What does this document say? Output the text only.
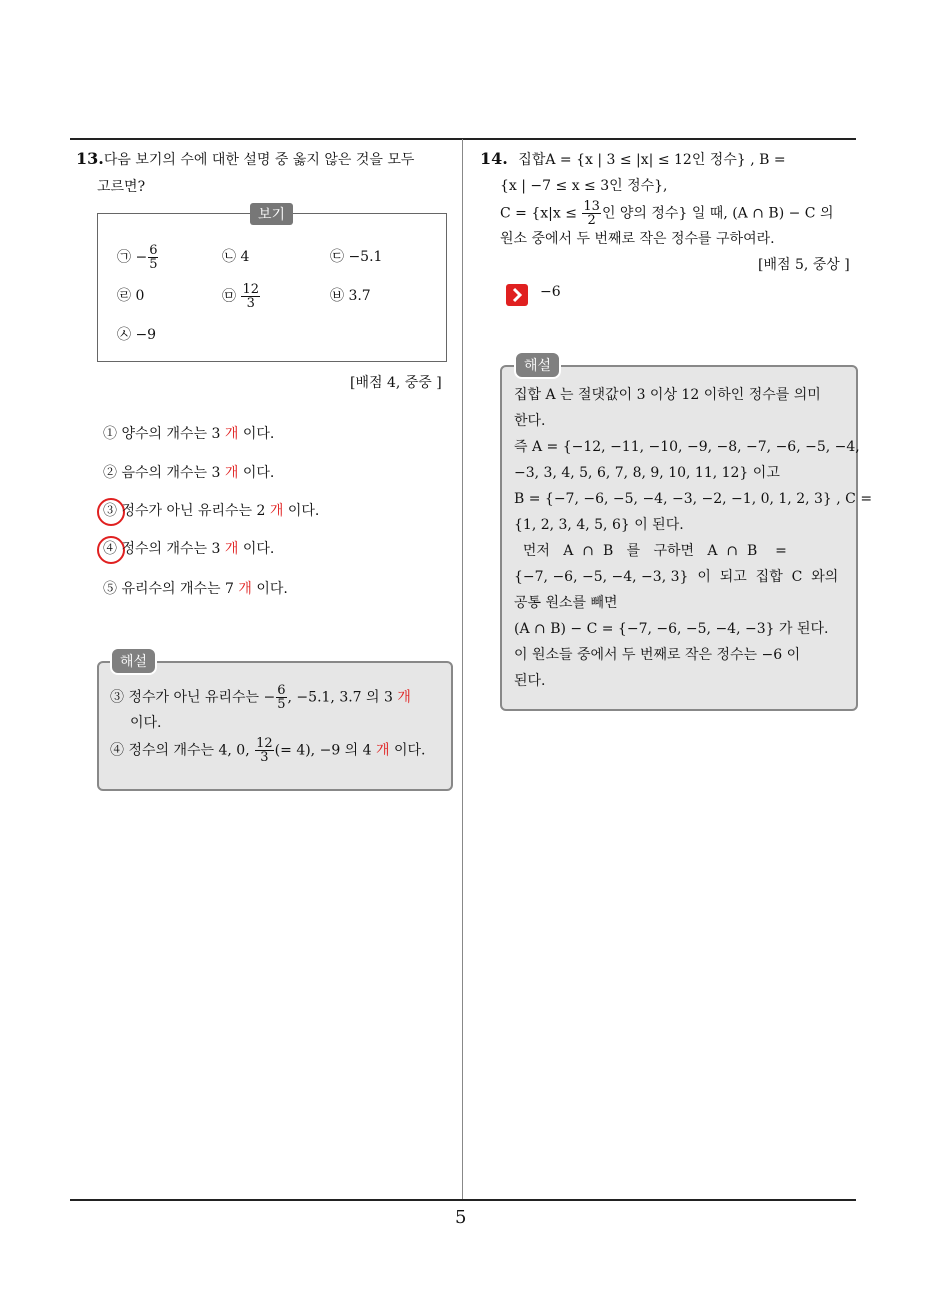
5
13.다음 보기의 수에 대한 설명 중 옳지 않은 것을 모두
고르면?
보기
㉠ − $\frac{6}{5}$	㉡ 4	㉢ −5.1
㉣ 0	㉤ $\frac{12}{3}$	㉥ 3.7
㉦ −9
[배점 4, 중중 ]
① 양수의 개수는 3 개 이다.
② 음수의 개수는 3 개 이다.
③ 정수가 아닌 유리수는 2 개 이다.
④ 정수의 개수는 3 개 이다.
⑤ 유리수의 개수는 7 개 이다.
해설
③ 정수가 아닌 유리수는 − $\frac{6}{5}$ , −5.1, 3.7 의 3 개
이다.
④ 정수의 개수는 4, 0, $\frac{12}{3}$ (= 4), −9 의 4 개 이다.
14. 집합A = {x | 3 ≤ |x| ≤ 12인 정수} , B =
{x | −7 ≤ x ≤ 3인 정수},
$C = \{x|x \le \frac{13}{2}$ 인 양의 정수} 일 때, (A ∩ B) − C 의
원소 중에서 두 번째로 작은 정수를 구하여라.
[배점 5, 중상 ]
−6
해설
집합 A 는 절댓값이 3 이상 12 이하인 정수를 의미
한다.
즉 A = {−12, −11, −10, −9, −8, −7, −6, −5, −4,
−3, 3, 4, 5, 6, 7, 8, 9, 10, 11, 12} 이고
B = {−7, −6, −5, −4, −3, −2, −1, 0, 1, 2, 3} , C =
{1, 2, 3, 4, 5, 6} 이 된다.
먼저   A  ∩  B   를   구하면   A  ∩  B    =
{−7, −6, −5, −4, −3, 3}  이  되고  집합  C  와의
공통 원소를 빼면
(A ∩ B) − C = {−7, −6, −5, −4, −3} 가 된다.
이 원소들 중에서 두 번째로 작은 정수는 −6 이
된다.
